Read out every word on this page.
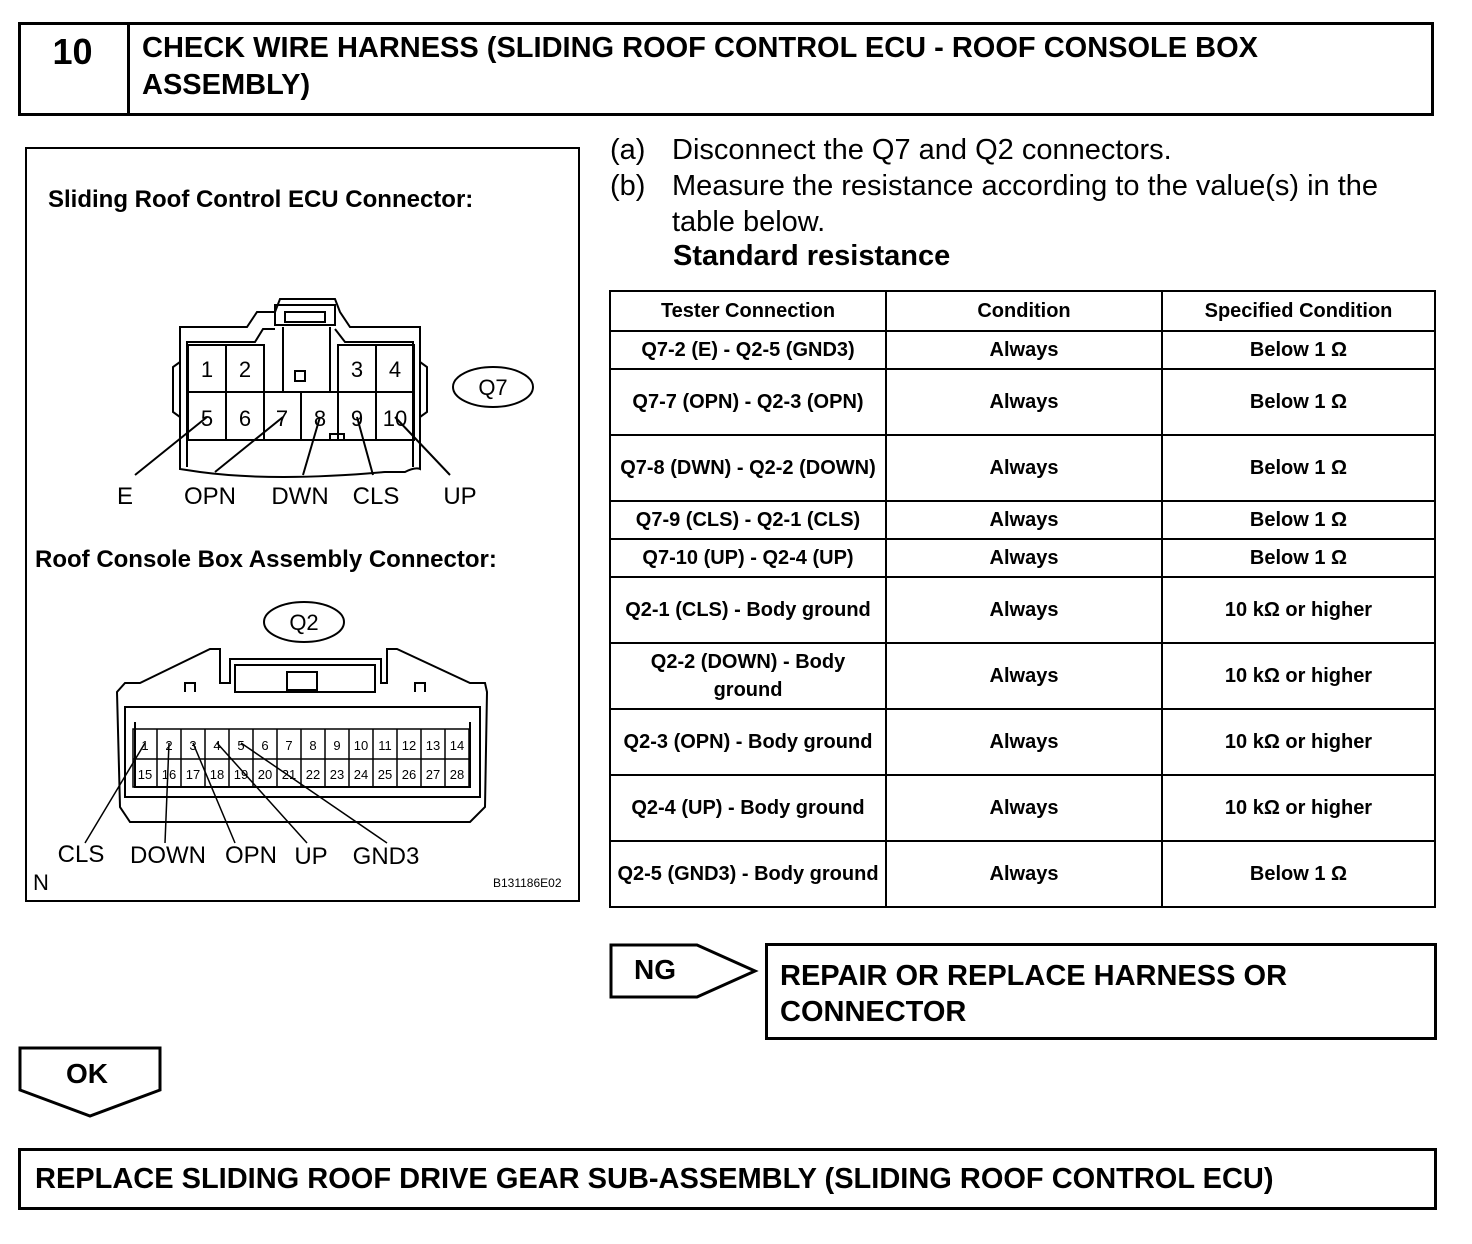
10	CHECK WIRE HARNESS (SLIDING ROOF CONTROL ECU - ROOF CONSOLE BOX ASSEMBLY)
Sliding Roof Control ECU Connector:
Roof Console Box Assembly Connector:
1 2	3 4
5 6 7 8 9 10
Q7
Q2
E OPN DWN CLS UP
1
15
2
16
3
17
4
18
5
19
6
20
7
21
8
22
9
23
10
24
11
25
12
26
13
27
14
28
CLS DOWN OPN UP GND3
N	B131186E02
(a) Disconnect the Q7 and Q2 connectors.
(b) Measure the resistance according to the value(s) in the table below.
Standard resistance
Tester Connection	Condition	Specified Condition
Q7-2 (E) - Q2-5 (GND3)	Always	Below 1 Ω
Q7-7 (OPN) - Q2-3 (OPN)	Always	Below 1 Ω
Q7-8 (DWN) - Q2-2 (DOWN)	Always	Below 1 Ω
Q7-9 (CLS) - Q2-1 (CLS)	Always	Below 1 Ω
Q7-10 (UP) - Q2-4 (UP)	Always	Below 1 Ω
Q2-1 (CLS) - Body ground	Always	10 kΩ or higher
Q2-2 (DOWN) - Body ground	Always	10 kΩ or higher
Q2-3 (OPN) - Body ground	Always	10 kΩ or higher
Q2-4 (UP) - Body ground	Always	10 kΩ or higher
Q2-5 (GND3) - Body ground	Always	Below 1 Ω
NG	REPAIR OR REPLACE HARNESS OR CONNECTOR
OK
REPLACE SLIDING ROOF DRIVE GEAR SUB-ASSEMBLY (SLIDING ROOF CONTROL ECU)
